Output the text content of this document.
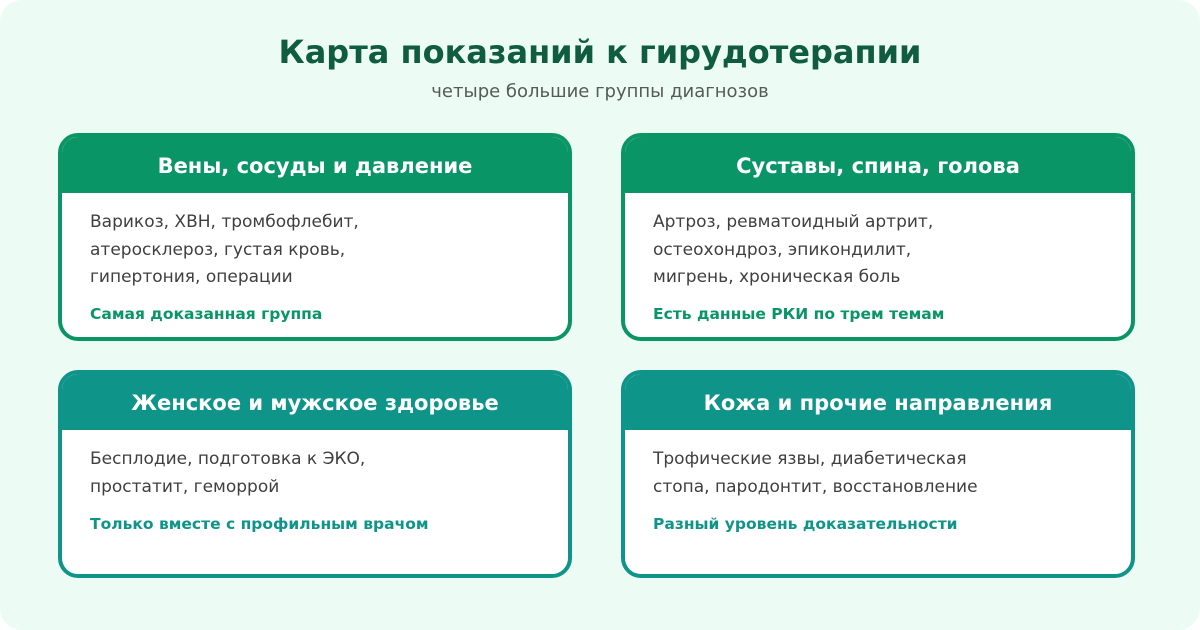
Карта показаний к гирудотерапии
четыре большие группы диагнозов
Вены, сосуды и давление
Варикоз, ХВН, тромбофлебит,
атеросклероз, густая кровь,
гипертония, операции
Самая доказанная группа
Суставы, спина, голова
Артроз, ревматоидный артрит,
остеохондроз, эпикондилит,
мигрень, хроническая боль
Есть данные РКИ по трем темам
Женское и мужское здоровье
Бесплодие, подготовка к ЭКО,
простатит, геморрой
Только вместе с профильным врачом
Кожа и прочие направления
Трофические язвы, диабетическая
стопа, пародонтит, восстановление
Разный уровень доказательности
